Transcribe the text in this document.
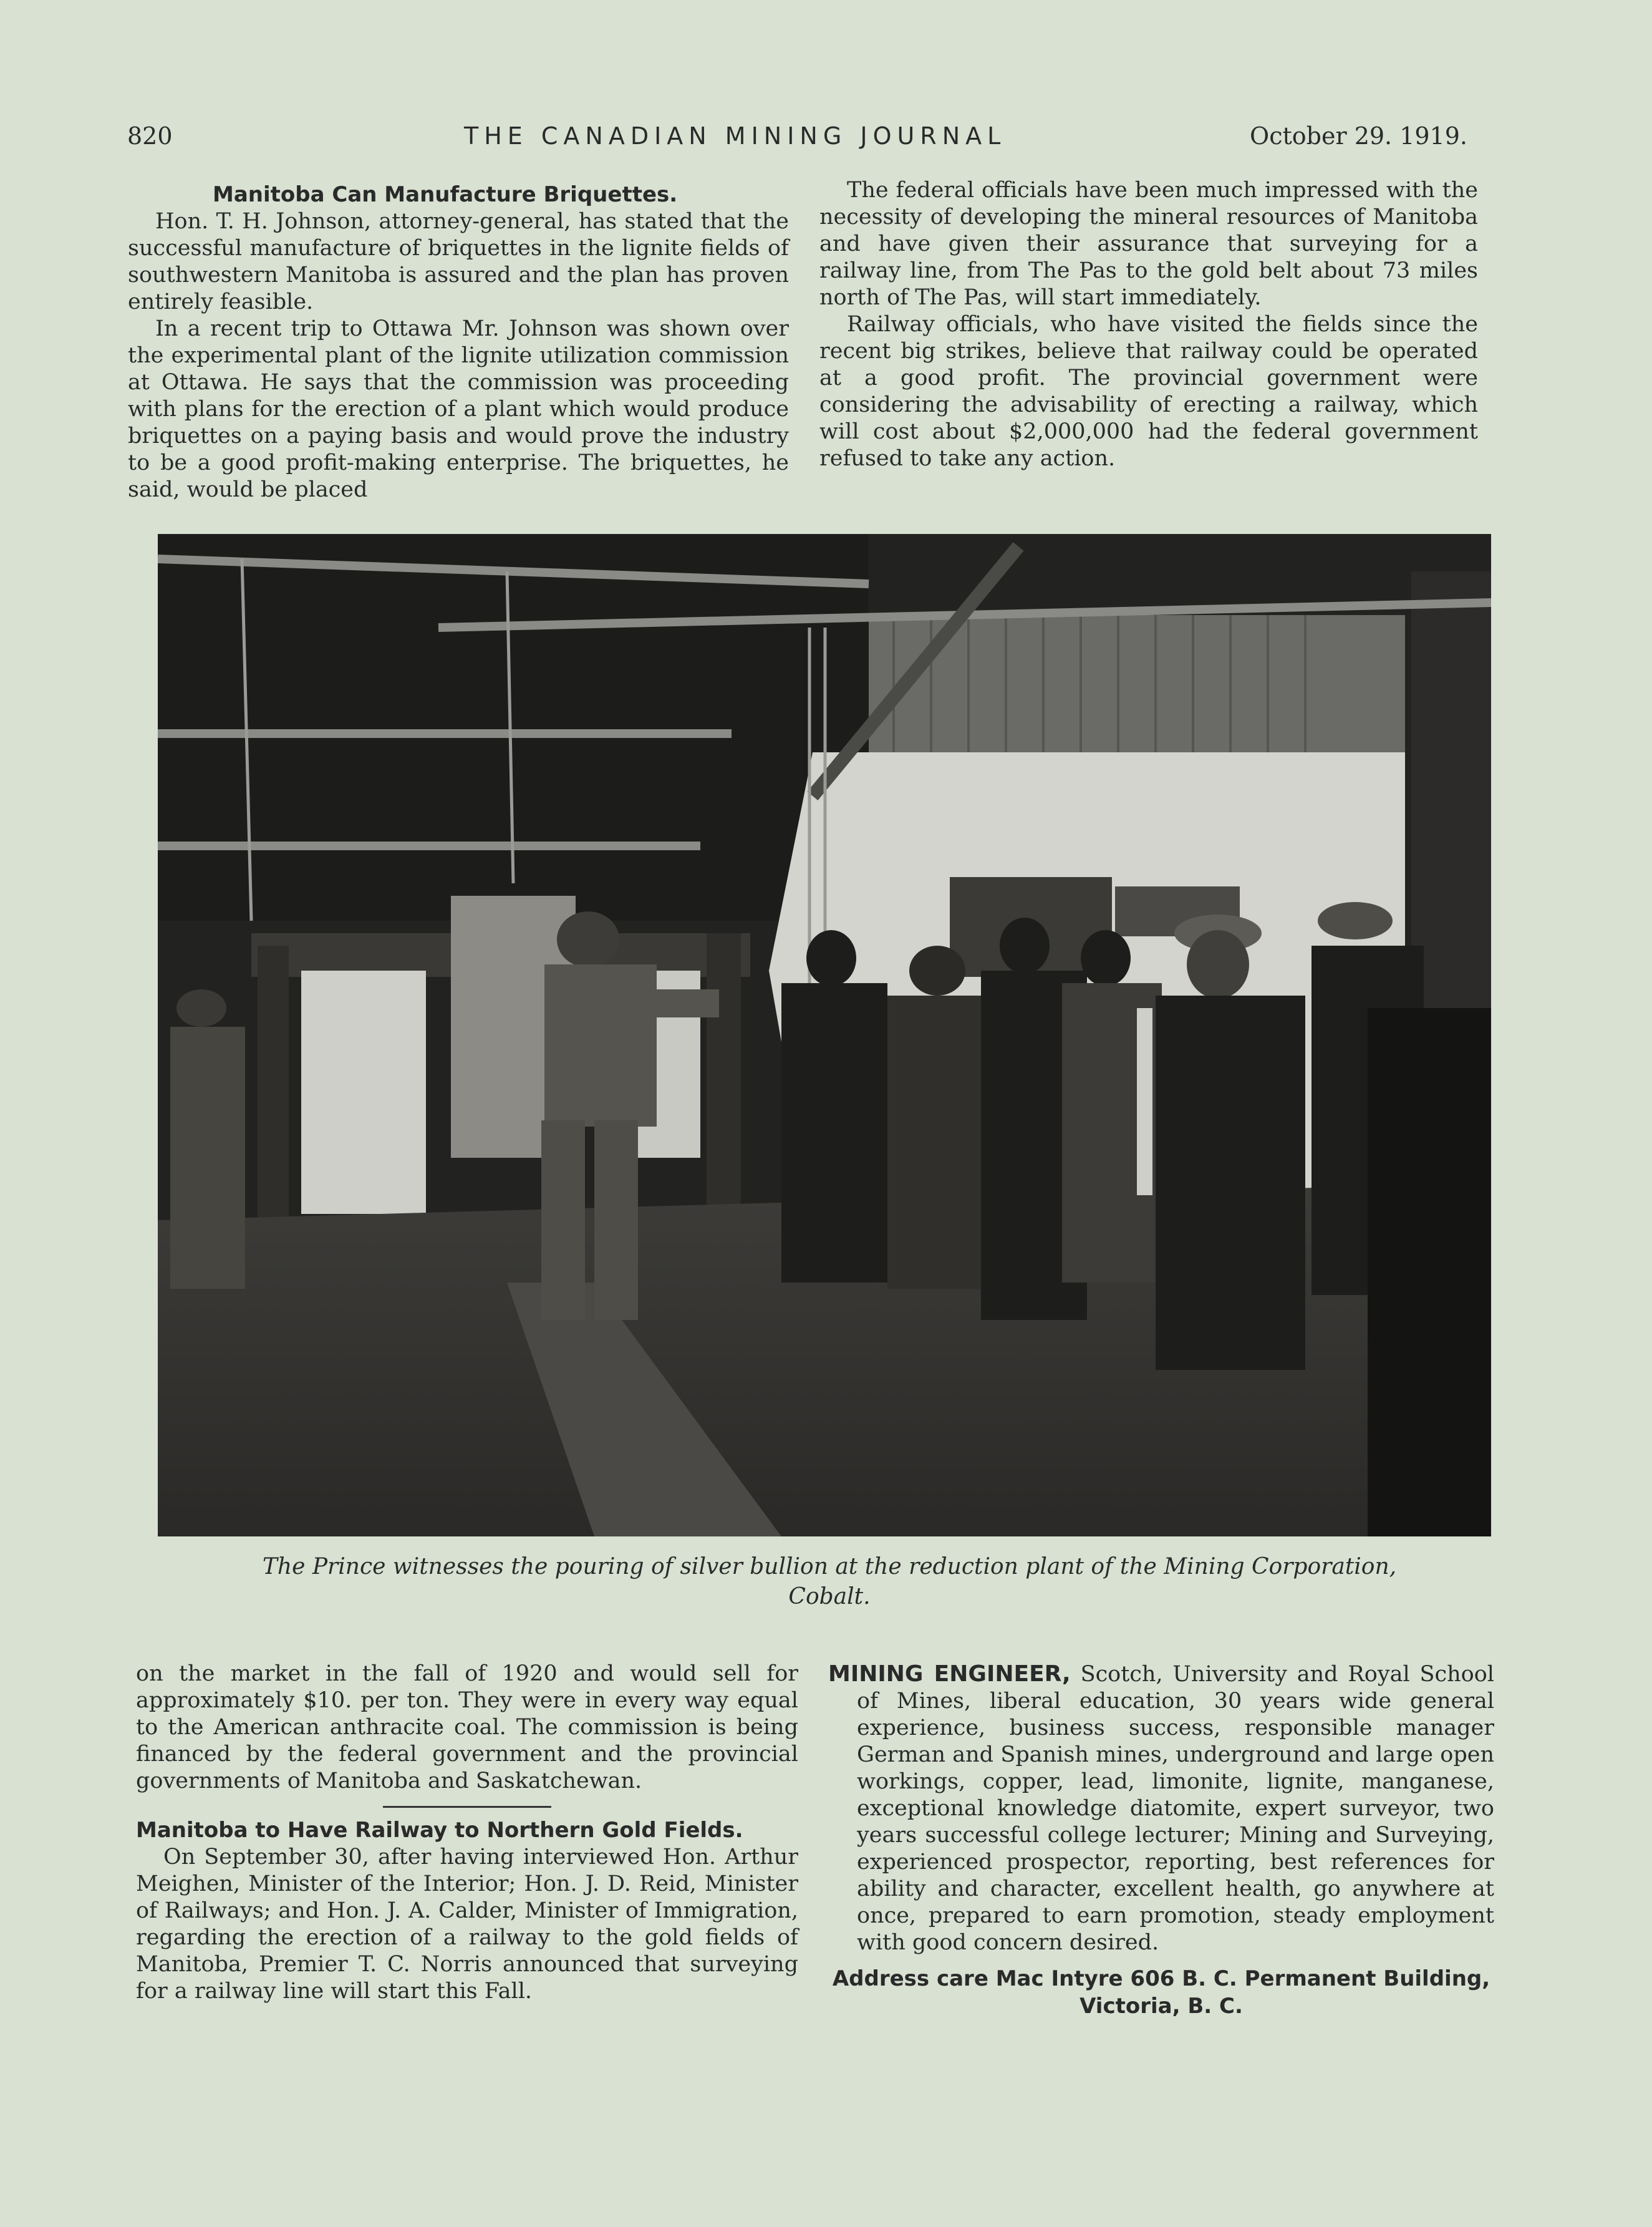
820	THE CANADIAN MINING JOURNAL	October 29. 1919.
Manitoba Can Manufacture Briquettes.

Hon. T. H. Johnson, attorney-general, has stated that the successful manufacture of briquettes in the lignite fields of southwestern Manitoba is assured and the plan has proven entirely feasible.

In a recent trip to Ottawa Mr. Johnson was shown over the experimental plant of the lignite utilization commission at Ottawa. He says that the commission was proceeding with plans for the erection of a plant which would produce briquettes on a paying basis and would prove the industry to be a good profit-making enterprise. The briquettes, he said, would be placed

The federal officials have been much impressed with the necessity of developing the mineral resources of Manitoba and have given their assurance that surveying for a railway line, from The Pas to the gold belt about 73 miles north of The Pas, will start immediately.

Railway officials, who have visited the fields since the recent big strikes, believe that railway could be operated at a good profit. The provincial government were considering the advisability of erecting a railway, which will cost about $2,000,000 had the federal government refused to take any action.

The Prince witnesses the pouring of silver bullion at the reduction plant of the Mining Corporation, Cobalt.

on the market in the fall of 1920 and would sell for approximately $10. per ton. They were in every way equal to the American anthracite coal. The commission is being financed by the federal government and the provincial governments of Manitoba and Saskatchewan.

Manitoba to Have Railway to Northern Gold Fields.

On September 30, after having interviewed Hon. Arthur Meighen, Minister of the Interior; Hon. J. D. Reid, Minister of Railways; and Hon. J. A. Calder, Minister of Immigration, regarding the erection of a railway to the gold fields of Manitoba, Premier T. C. Norris announced that surveying for a railway line will start this Fall.

MINING ENGINEER, Scotch, University and Royal School of Mines, liberal education, 30 years wide general experience, business success, responsible manager German and Spanish mines, underground and large open workings, copper, lead, limonite, lignite, manganese, exceptional knowledge diatomite, expert surveyor, two years successful college lecturer; Mining and Surveying, experienced prospector, reporting, best references for ability and character, excellent health, go anywhere at once, prepared to earn promotion, steady employment with good concern desired.

Address care Mac Intyre 606 B. C. Permanent Building,
Victoria, B. C.
